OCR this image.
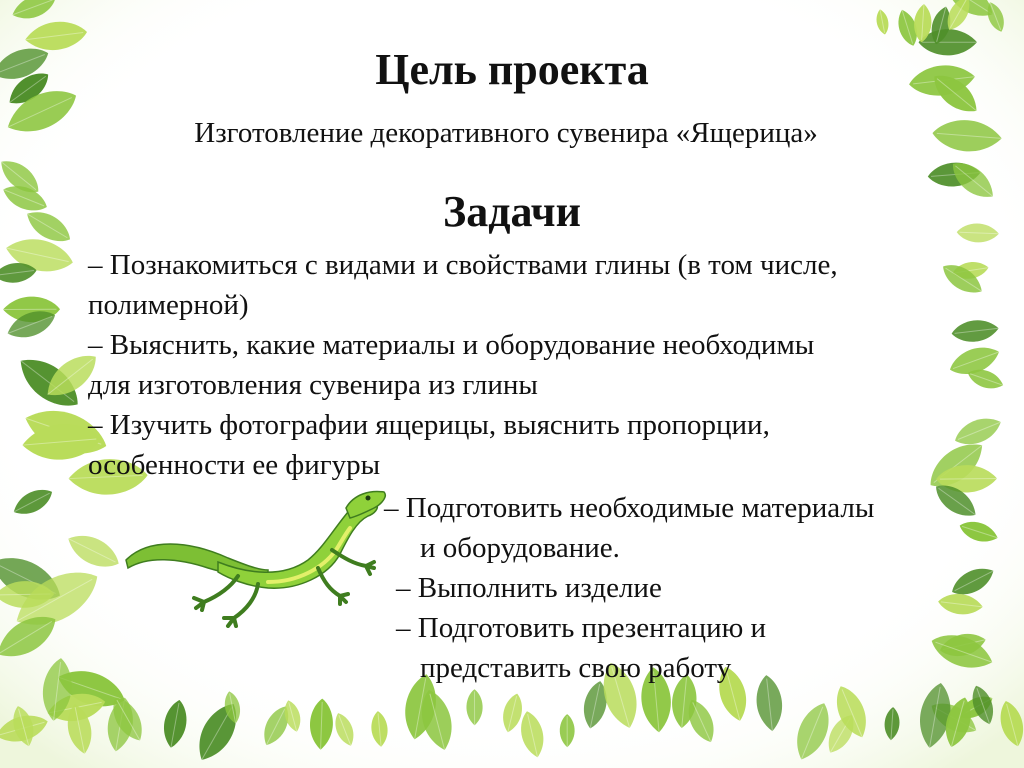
Цель проекта

Изготовление декоративного сувенира «Ящерица»

Задачи
– Познакомиться с видами и свойствами глины (в том числе,
полимерной)
– Выяснить, какие материалы и оборудование необходимы
для изготовления сувенира из глины
– Изучить фотографии ящерицы, выяснить пропорции,
особенности ее фигуры
– Подготовить необходимые материалы
и оборудование.
– Выполнить изделие
– Подготовить презентацию и
представить свою работу
